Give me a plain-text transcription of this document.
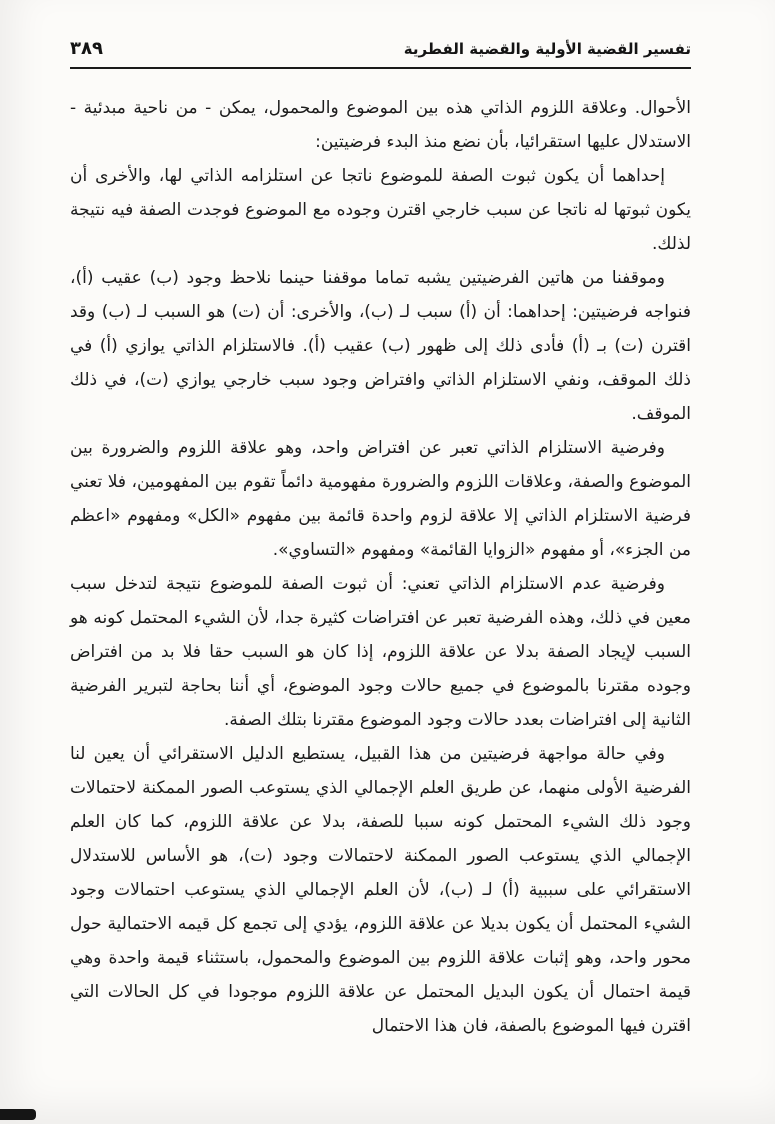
تفسير القضية الأولية والقضية الفطرية
٣٨٩

الأحوال. وعلاقة اللزوم الذاتي هذه بين الموضوع والمحمول، يمكن - من ناحية مبدئية - الاستدلال عليها استقرائيا، بأن نضع منذ البدء فرضيتين:

إحداهما أن يكون ثبوت الصفة للموضوع ناتجا عن استلزامه الذاتي لها، والأخرى أن يكون ثبوتها له ناتجا عن سبب خارجي اقترن وجوده مع الموضوع فوجدت الصفة فيه نتيجة لذلك.

وموقفنا من هاتين الفرضيتين يشبه تماما موقفنا حينما نلاحظ وجود (ب) عقيب (أ)، فنواجه فرضيتين: إحداهما: أن (أ) سبب لـ (ب)، والأخرى: أن (ت) هو السبب لـ (ب) وقد اقترن (ت) بـ (أ) فأدى ذلك إلى ظهور (ب) عقيب (أ). فالاستلزام الذاتي يوازي (أ) في ذلك الموقف، ونفي الاستلزام الذاتي وافتراض وجود سبب خارجي يوازي (ت)، في ذلك الموقف.

وفرضية الاستلزام الذاتي تعبر عن افتراض واحد، وهو علاقة اللزوم والضرورة بين الموضوع والصفة، وعلاقات اللزوم والضرورة مفهومية دائماً تقوم بين المفهومين، فلا تعني فرضية الاستلزام الذاتي إلا علاقة لزوم واحدة قائمة بين مفهوم «الكل» ومفهوم «اعظم من الجزء»، أو مفهوم «الزوايا القائمة» ومفهوم «التساوي».

وفرضية عدم الاستلزام الذاتي تعني: أن ثبوت الصفة للموضوع نتيجة لتدخل سبب معين في ذلك، وهذه الفرضية تعبر عن افتراضات كثيرة جدا، لأن الشيء المحتمل كونه هو السبب لإيجاد الصفة بدلا عن علاقة اللزوم، إذا كان هو السبب حقا فلا بد من افتراض وجوده مقترنا بالموضوع في جميع حالات وجود الموضوع، أي أننا بحاجة لتبرير الفرضية الثانية إلى افتراضات بعدد حالات وجود الموضوع مقترنا بتلك الصفة.

وفي حالة مواجهة فرضيتين من هذا القبيل، يستطيع الدليل الاستقرائي أن يعين لنا الفرضية الأولى منهما، عن طريق العلم الإجمالي الذي يستوعب الصور الممكنة لاحتمالات وجود ذلك الشيء المحتمل كونه سببا للصفة، بدلا عن علاقة اللزوم، كما كان العلم الإجمالي الذي يستوعب الصور الممكنة لاحتمالات وجود (ت)، هو الأساس للاستدلال الاستقرائي على سببية (أ) لـ (ب)، لأن العلم الإجمالي الذي يستوعب احتمالات وجود الشيء المحتمل أن يكون بديلا عن علاقة اللزوم، يؤدي إلى تجمع كل قيمه الاحتمالية حول محور واحد، وهو إثبات علاقة اللزوم بين الموضوع والمحمول، باستثناء قيمة واحدة وهي قيمة احتمال أن يكون البديل المحتمل عن علاقة اللزوم موجودا في كل الحالات التي اقترن فيها الموضوع بالصفة، فان هذا الاحتمال
